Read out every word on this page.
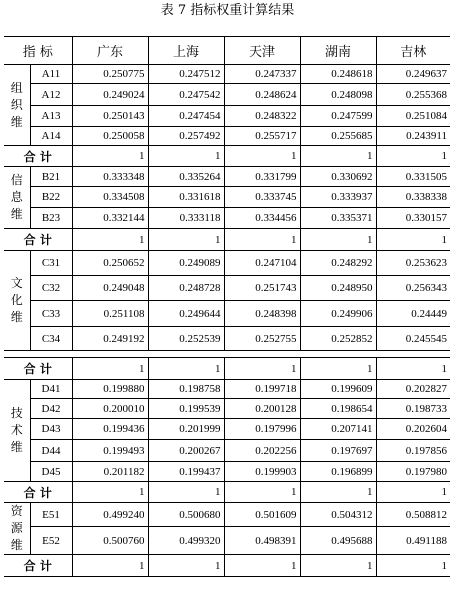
表 7 指标权重计算结果
指 标		广东	上海	天津	湖南	吉林
组织维	A11	0.250775	0.247512	0.247337	0.248618	0.249637
	A12	0.249024	0.247542	0.248624	0.248098	0.255368
	A13	0.250143	0.247454	0.248322	0.247599	0.251084
	A14	0.250058	0.257492	0.255717	0.255685	0.243911
合 计		1	1	1	1	1
信息维	B21	0.333348	0.335264	0.331799	0.330692	0.331505
	B22	0.334508	0.331618	0.333745	0.333937	0.338338
	B23	0.332144	0.333118	0.334456	0.335371	0.330157
合 计		1	1	1	1	1
文化维	C31	0.250652	0.249089	0.247104	0.248292	0.253623
	C32	0.249048	0.248728	0.251743	0.248950	0.256343
	C33	0.251108	0.249644	0.248398	0.249906	0.24449
	C34	0.249192	0.252539	0.252755	0.252852	0.245545

合 计		1	1	1	1	1
技术维	D41	0.199880	0.198758	0.199718	0.199609	0.202827
	D42	0.200010	0.199539	0.200128	0.198654	0.198733
	D43	0.199436	0.201999	0.197996	0.207141	0.202604
	D44	0.199493	0.200267	0.202256	0.197697	0.197856
	D45	0.201182	0.199437	0.199903	0.196899	0.197980
合 计		1	1	1	1	1
资源维	E51	0.499240	0.500680	0.501609	0.504312	0.508812
	E52	0.500760	0.499320	0.498391	0.495688	0.491188
合 计		1	1	1	1	1
